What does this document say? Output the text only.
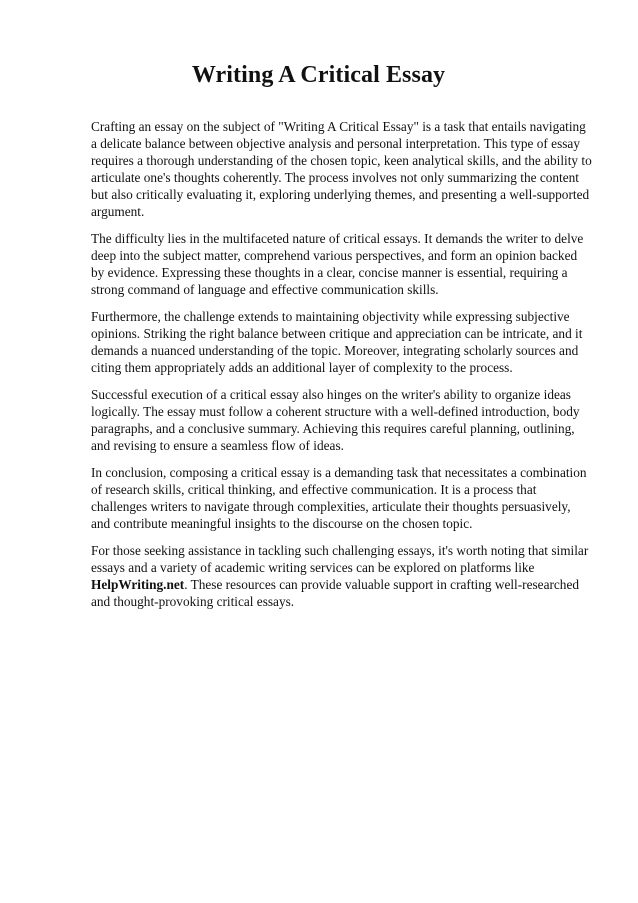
Writing A Critical Essay

Crafting an essay on the subject of "Writing A Critical Essay" is a task that entails navigating a delicate balance between objective analysis and personal interpretation. This type of essay requires a thorough understanding of the chosen topic, keen analytical skills, and the ability to articulate one's thoughts coherently. The process involves not only summarizing the content but also critically evaluating it, exploring underlying themes, and presenting a well-supported argument.

The difficulty lies in the multifaceted nature of critical essays. It demands the writer to delve deep into the subject matter, comprehend various perspectives, and form an opinion backed by evidence. Expressing these thoughts in a clear, concise manner is essential, requiring a strong command of language and effective communication skills.

Furthermore, the challenge extends to maintaining objectivity while expressing subjective opinions. Striking the right balance between critique and appreciation can be intricate, and it demands a nuanced understanding of the topic. Moreover, integrating scholarly sources and citing them appropriately adds an additional layer of complexity to the process.

Successful execution of a critical essay also hinges on the writer's ability to organize ideas logically. The essay must follow a coherent structure with a well-defined introduction, body paragraphs, and a conclusive summary. Achieving this requires careful planning, outlining, and revising to ensure a seamless flow of ideas.

In conclusion, composing a critical essay is a demanding task that necessitates a combination of research skills, critical thinking, and effective communication. It is a process that challenges writers to navigate through complexities, articulate their thoughts persuasively, and contribute meaningful insights to the discourse on the chosen topic.

For those seeking assistance in tackling such challenging essays, it's worth noting that similar essays and a variety of academic writing services can be explored on platforms like HelpWriting.net. These resources can provide valuable support in crafting well-researched and thought-provoking critical essays.
